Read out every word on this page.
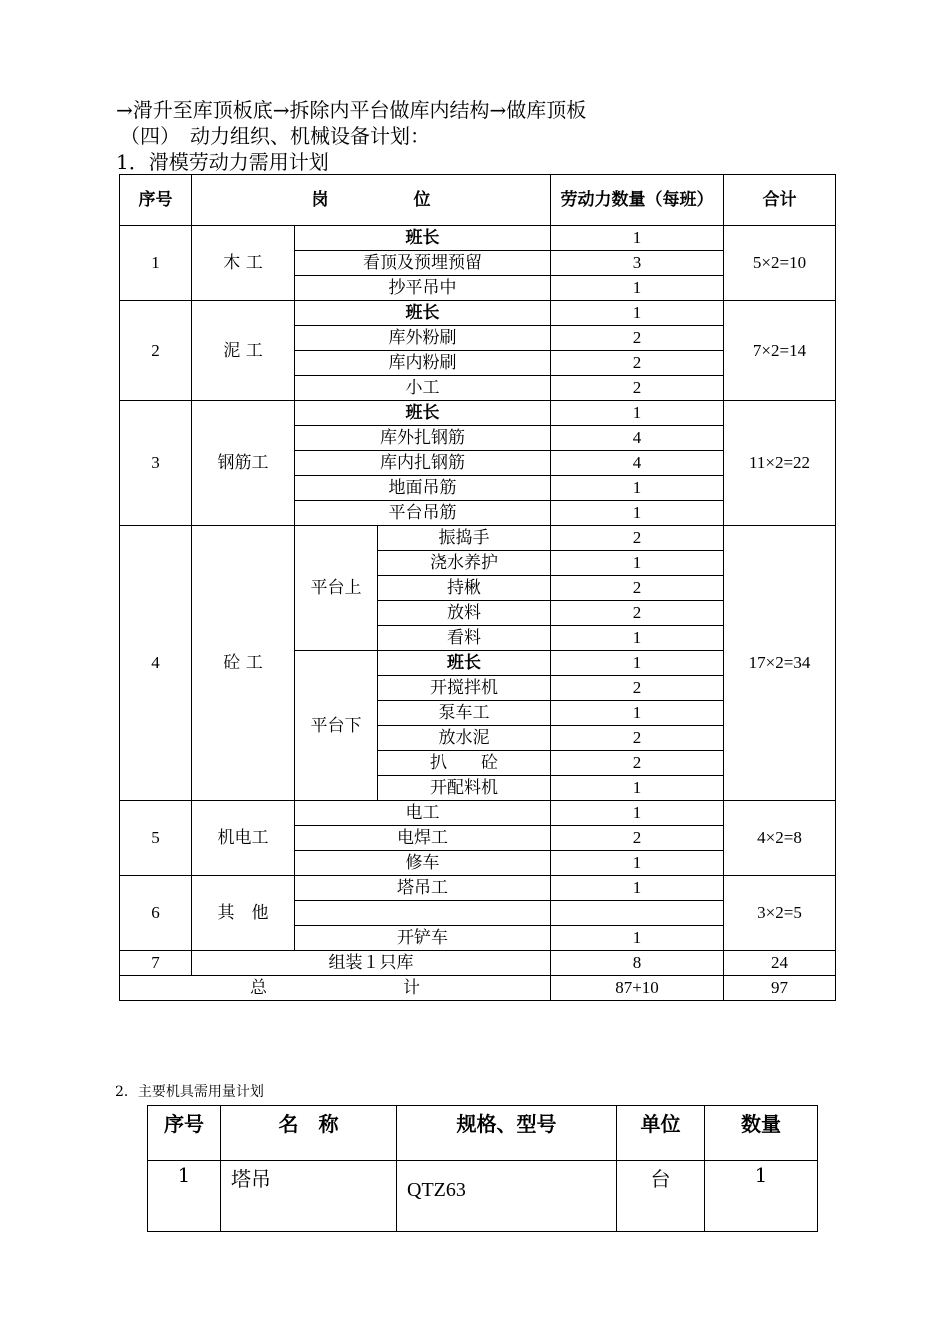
→滑升至库顶板底→拆除内平台做库内结构→做库顶板
（四）　动力组织、机械设备计划：
1．滑模劳动力需用计划
序号	岗　　　　　位			劳动力数量（每班）	合计
1	木 工	班长		1	5×2=10
		看顶及预埋预留		3	
		抄平吊中		1	
2	泥 工	班长		1	7×2=14
		库外粉刷		2	
		库内粉刷		2	
		小工		2	
3	钢筋工	班长		1	11×2=22
		库外扎钢筋		4	
		库内扎钢筋		4	
		地面吊筋		1	
		平台吊筋		1	
4	砼 工	平台上	振捣手	2	17×2=34
			浇水养护	1	
			持楸	2	
			放料	2	
			看料	1	
		平台下	班长	1	
			开搅拌机	2	
			泵车工	1	
			放水泥	2	
			扒　　砼	2	
			开配料机	1	
5	机电工	电工		1	4×2=8
		电焊工		2	
		修车		1	
6	其　他	塔吊工		1	3×2=5

		开铲车		1	
7	组装１只库			8	24
总　　　　　　　　计				87+10	97
2．主要机具需用量计划
序号	名　称	规格、型号	单位	数量
1	塔吊	QTZ63	台	1
